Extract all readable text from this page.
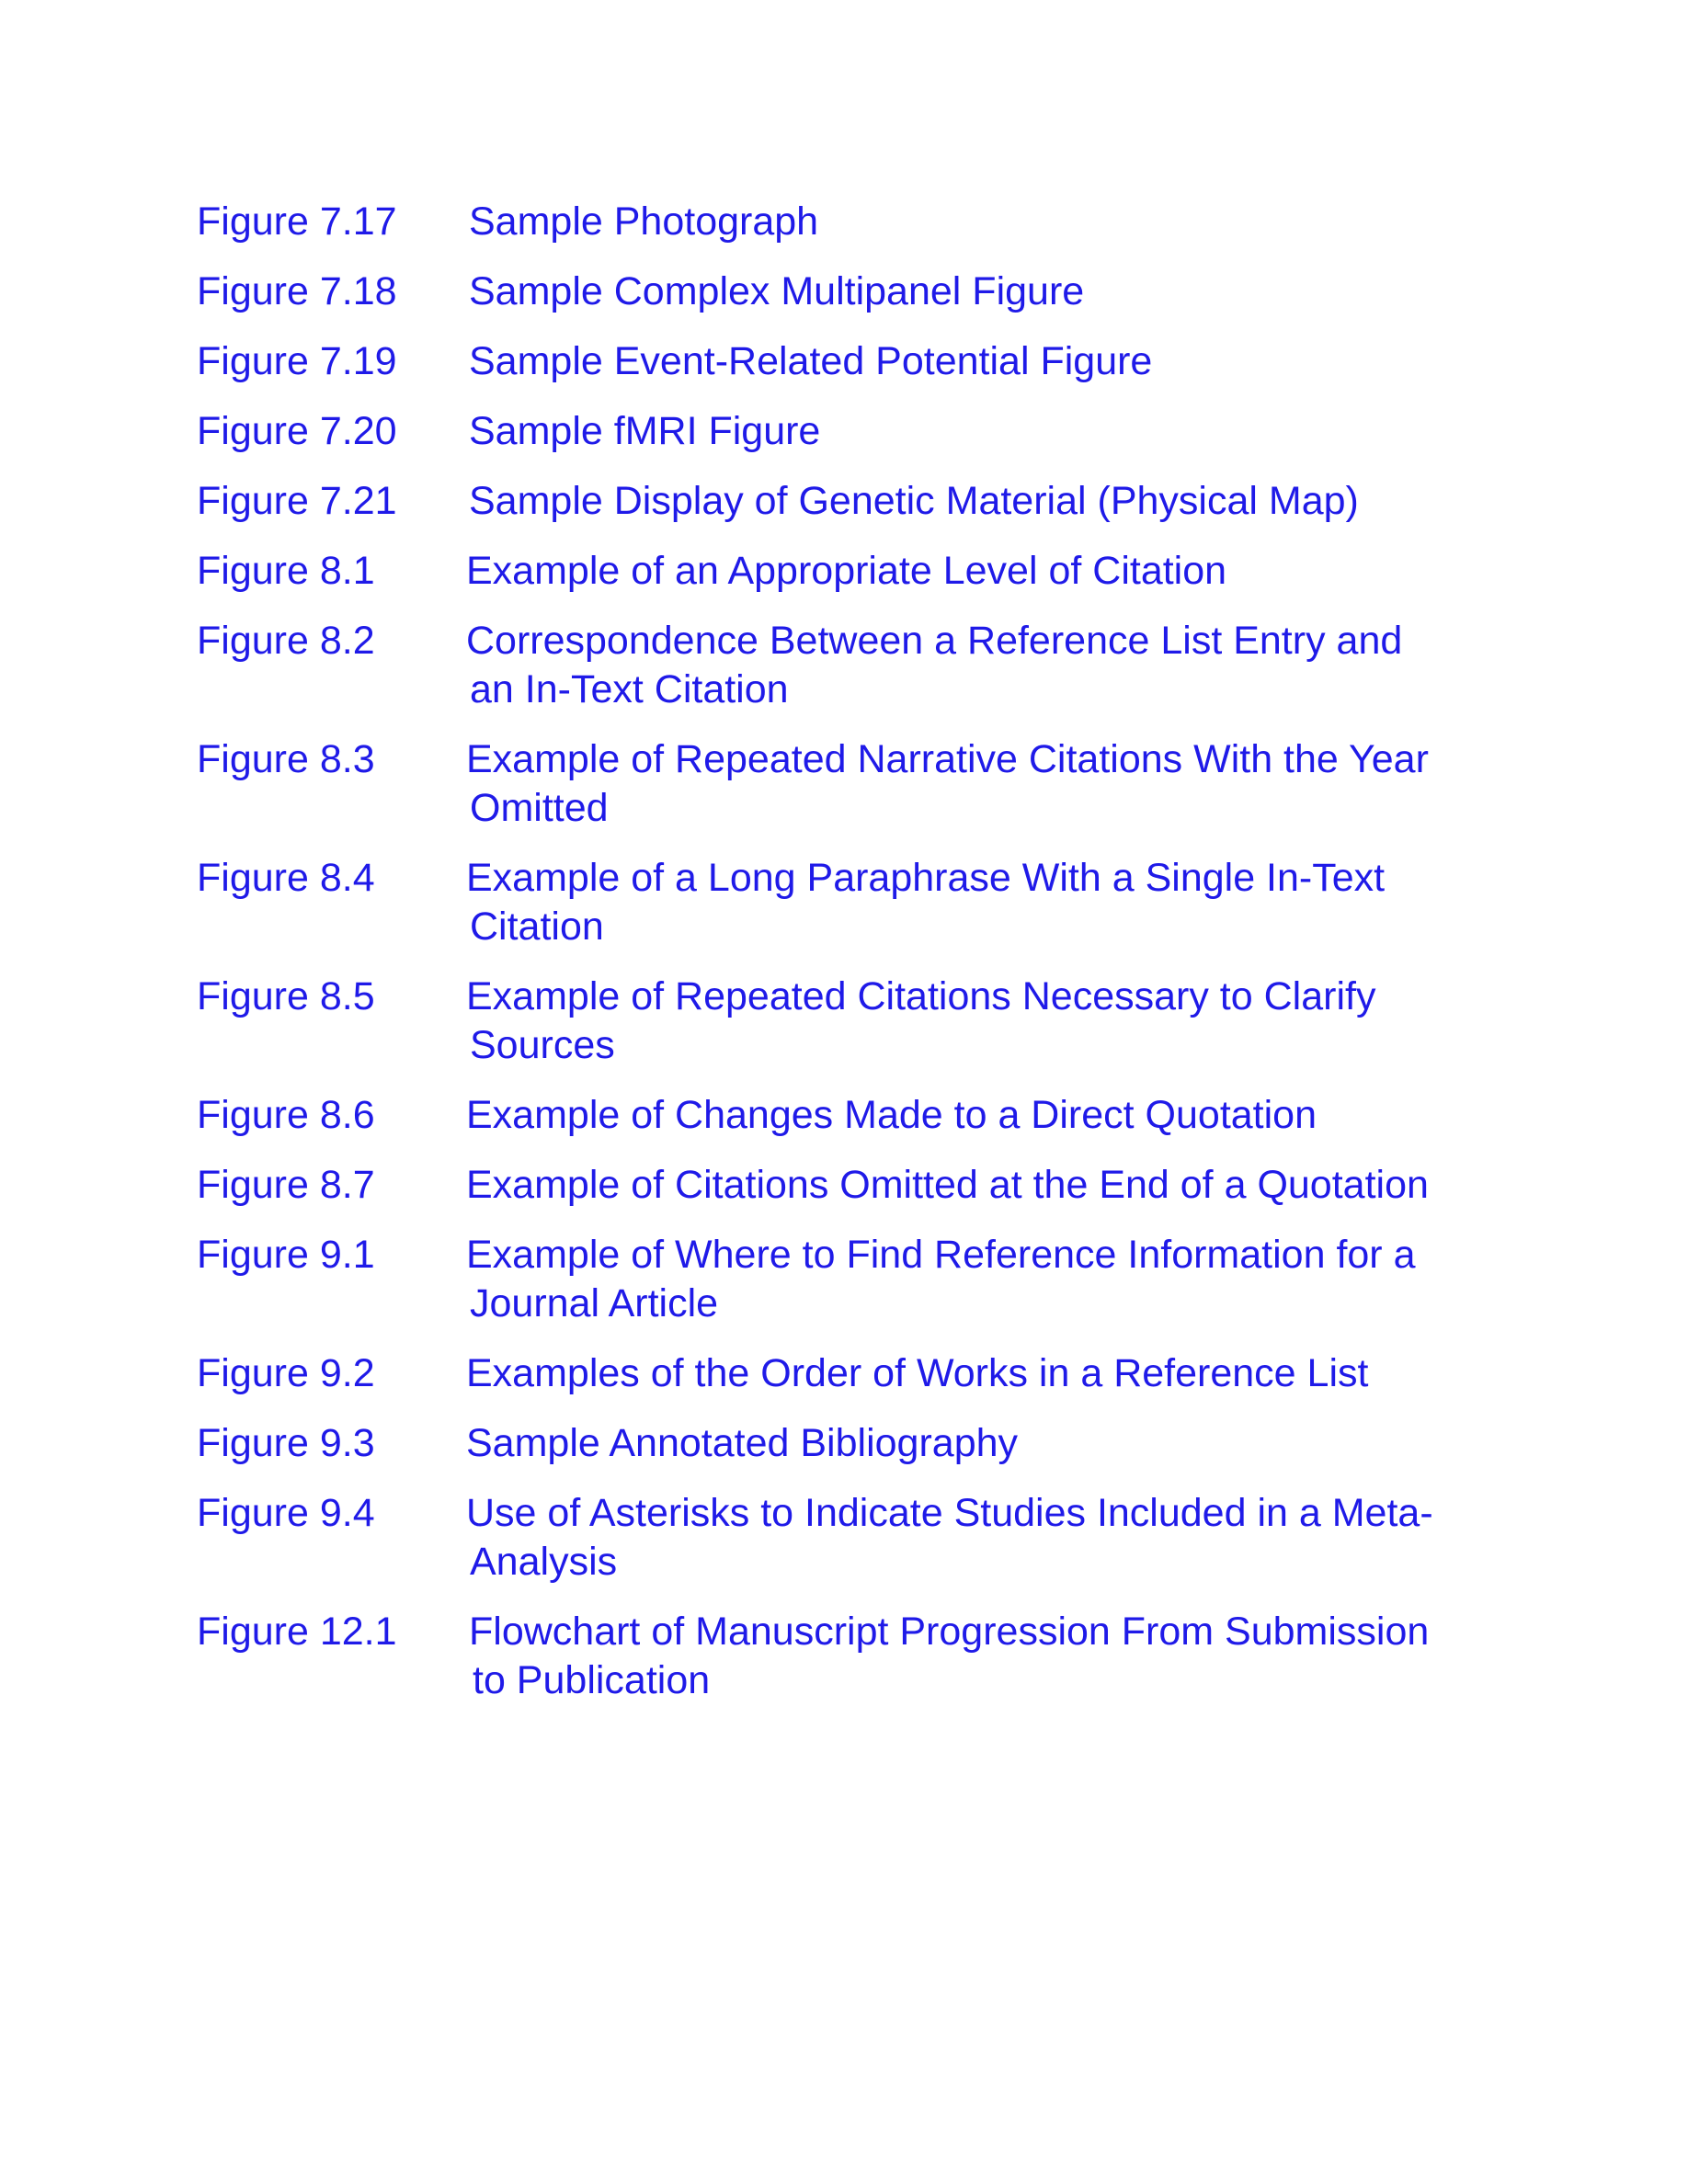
Figure 7.17	Sample Photograph
Figure 7.18	Sample Complex Multipanel Figure
Figure 7.19	Sample Event-Related Potential Figure
Figure 7.20	Sample fMRI Figure
Figure 7.21	Sample Display of Genetic Material (Physical Map)
Figure 8.1	Example of an Appropriate Level of Citation
Figure 8.2	Correspondence Between a Reference List Entry and
an In-Text Citation
Figure 8.3	Example of Repeated Narrative Citations With the Year
Omitted
Figure 8.4	Example of a Long Paraphrase With a Single In-Text
Citation
Figure 8.5	Example of Repeated Citations Necessary to Clarify
Sources
Figure 8.6	Example of Changes Made to a Direct Quotation
Figure 8.7	Example of Citations Omitted at the End of a Quotation
Figure 9.1	Example of Where to Find Reference Information for a
Journal Article
Figure 9.2	Examples of the Order of Works in a Reference List
Figure 9.3	Sample Annotated Bibliography
Figure 9.4	Use of Asterisks to Indicate Studies Included in a Meta-
Analysis
Figure 12.1	Flowchart of Manuscript Progression From Submission
to Publication
